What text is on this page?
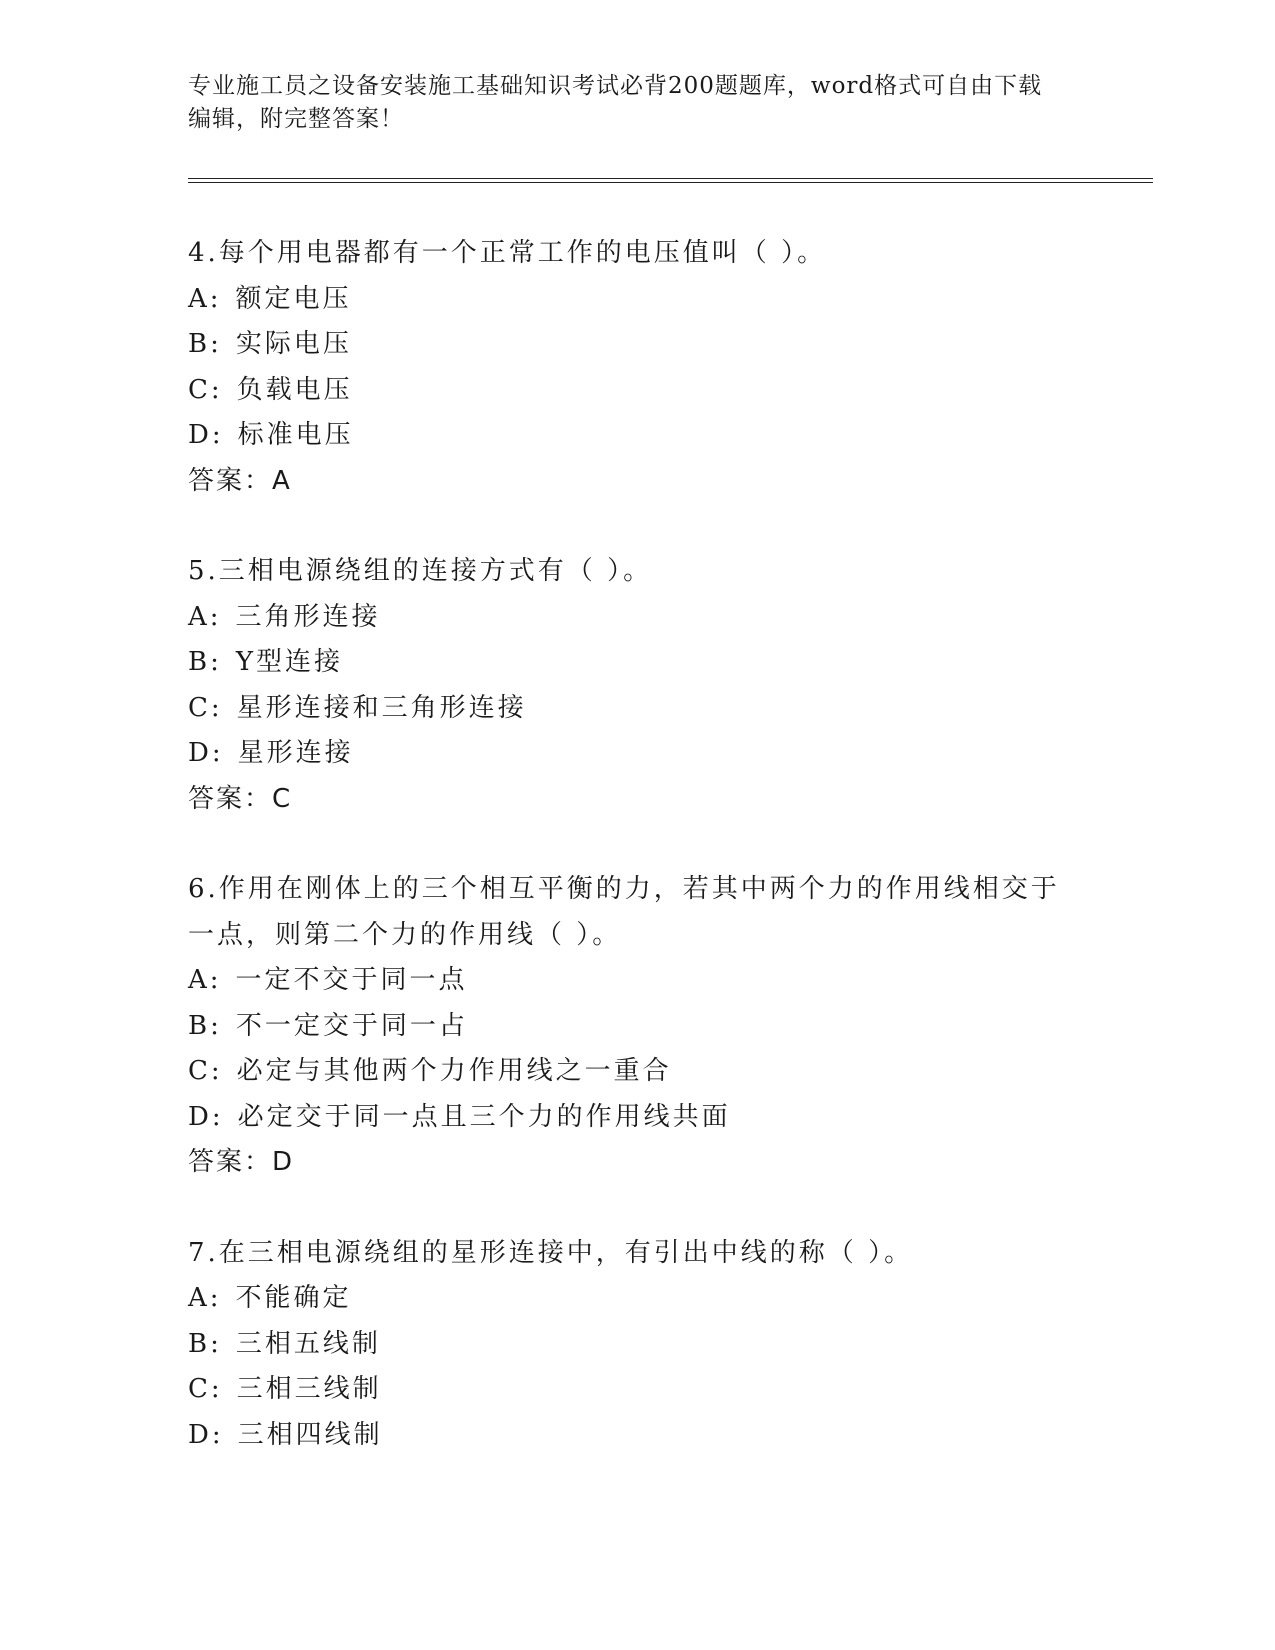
专业施工员之设备安装施工基础知识考试必背200题题库，word格式可自由下载
编辑，附完整答案！

4.每个用电器都有一个正常工作的电压值叫（ ）。

A: 额定电压

B: 实际电压

C: 负载电压

D: 标准电压

答案：A

5.三相电源绕组的连接方式有（ ）。

A: 三角形连接

B: Y型连接

C: 星形连接和三角形连接

D: 星形连接

答案：C

6.作用在刚体上的三个相互平衡的力，若其中两个力的作用线相交于
一点，则第二个力的作用线（ ）。

A: 一定不交于同一点

B: 不一定交于同一占

C: 必定与其他两个力作用线之一重合

D: 必定交于同一点且三个力的作用线共面

答案：D

7.在三相电源绕组的星形连接中，有引出中线的称（ ）。

A: 不能确定

B: 三相五线制

C: 三相三线制

D: 三相四线制
